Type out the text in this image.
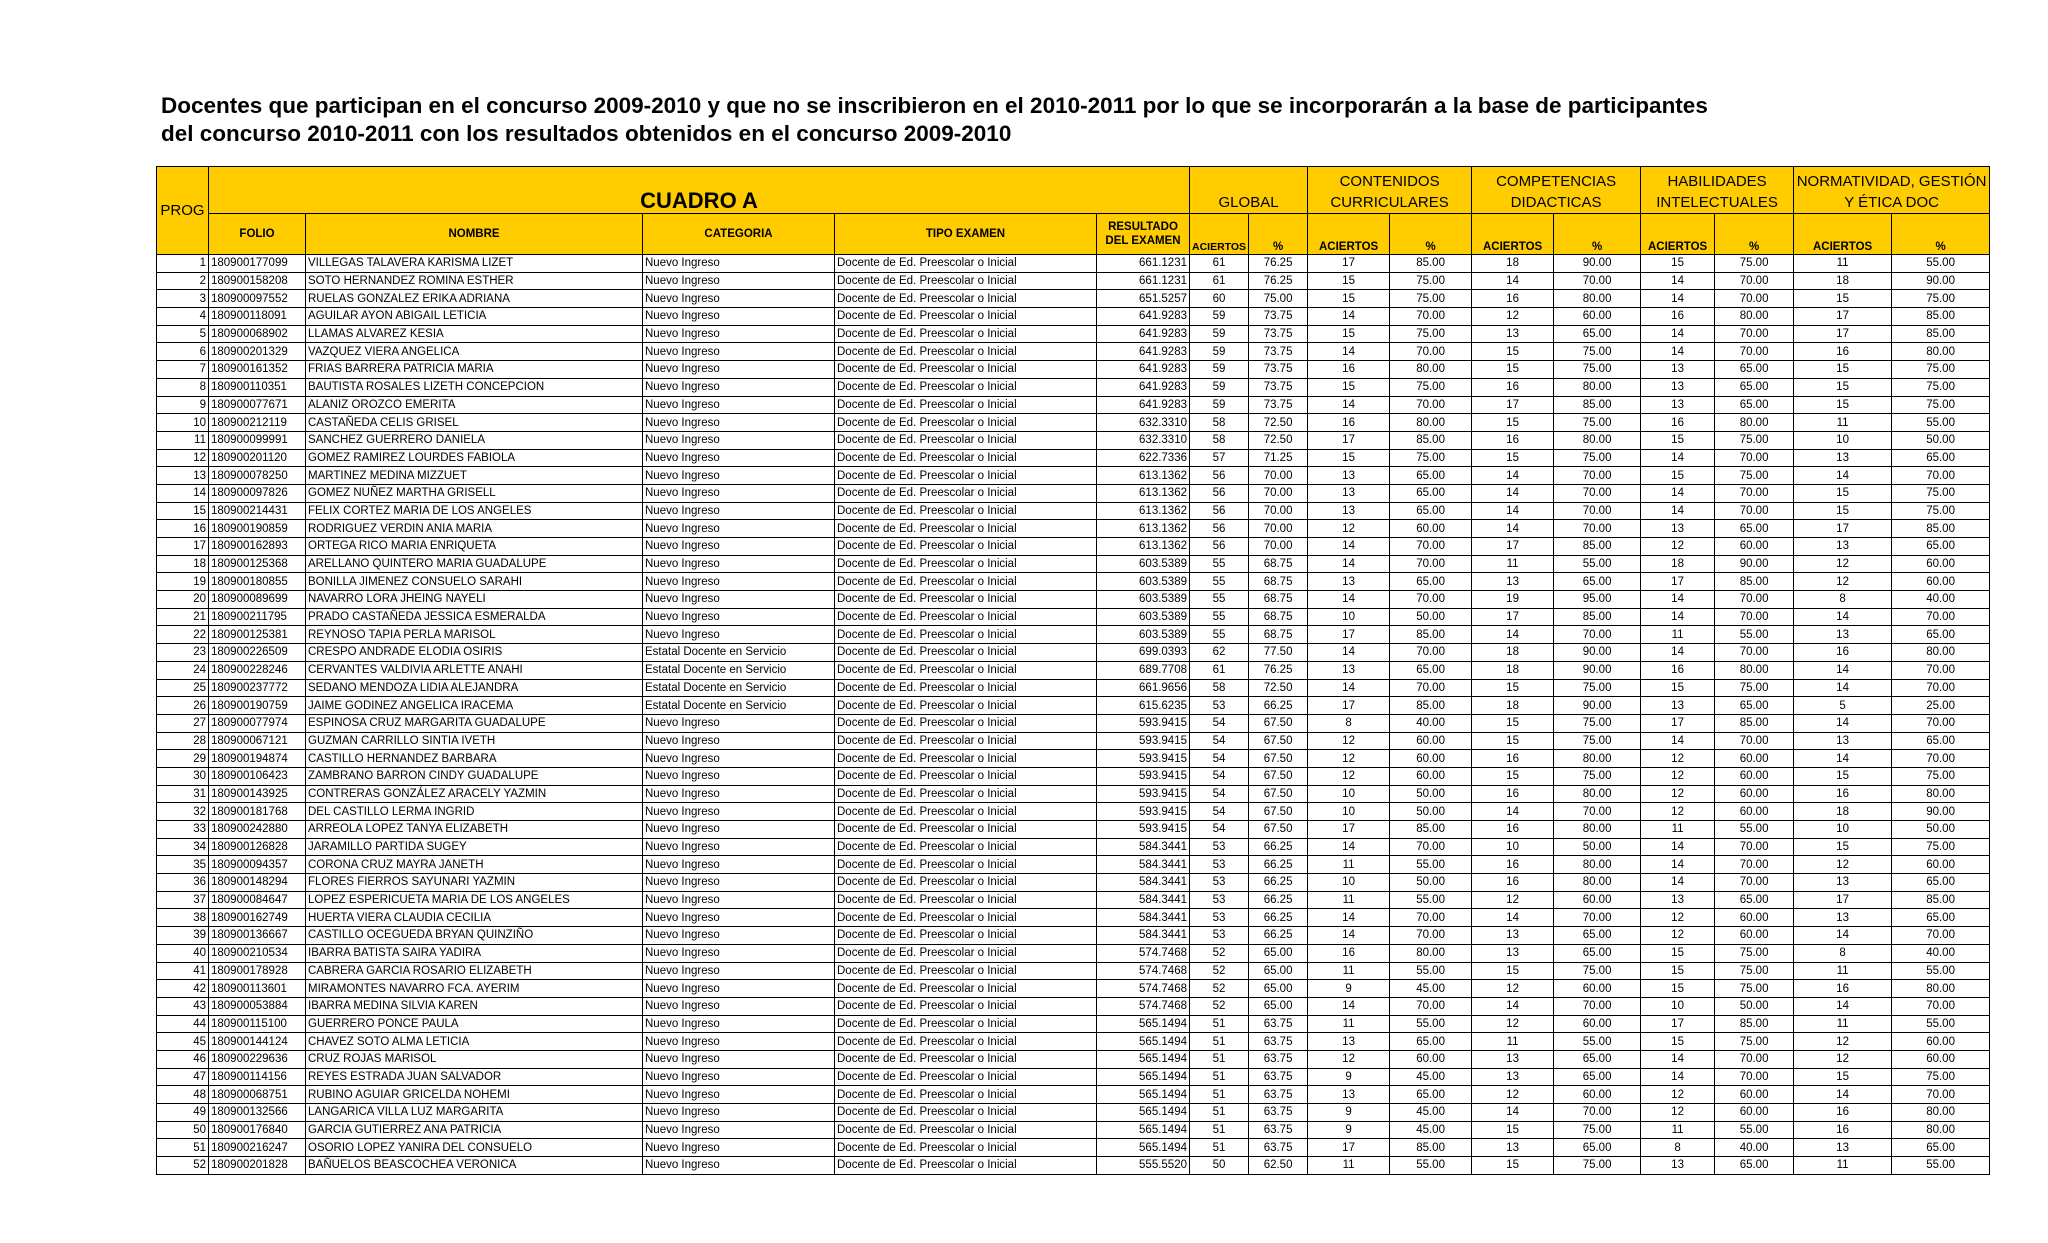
Docentes que participan en el concurso 2009-2010 y que no se inscribieron en el 2010-2011 por lo que se incorporarán a la base de participantes
del concurso 2010-2011 con los resultados obtenidos en el concurso 2009-2010
PROG	CUADRO A					GLOBAL		CONTENIDOS CURRICULARES		COMPETENCIAS DIDACTICAS		HABILIDADES INTELECTUALES		NORMATIVIDAD, GESTIÓN Y ÉTICA DOC	
	FOLIO	NOMBRE	CATEGORIA	TIPO EXAMEN	RESULTADO DEL EXAMEN	ACIERTOS	%	ACIERTOS	%	ACIERTOS	%	ACIERTOS	%	ACIERTOS	%
1	180900177099	VILLEGAS TALAVERA KARISMA LIZET	Nuevo Ingreso	Docente de Ed. Preescolar o Inicial	661.1231	61	76.25	17	85.00	18	90.00	15	75.00	11	55.00
2	180900158208	SOTO HERNANDEZ ROMINA ESTHER	Nuevo Ingreso	Docente de Ed. Preescolar o Inicial	661.1231	61	76.25	15	75.00	14	70.00	14	70.00	18	90.00
3	180900097552	RUELAS GONZALEZ ERIKA ADRIANA	Nuevo Ingreso	Docente de Ed. Preescolar o Inicial	651.5257	60	75.00	15	75.00	16	80.00	14	70.00	15	75.00
4	180900118091	AGUILAR AYON ABIGAIL LETICIA	Nuevo Ingreso	Docente de Ed. Preescolar o Inicial	641.9283	59	73.75	14	70.00	12	60.00	16	80.00	17	85.00
5	180900068902	LLAMAS ALVAREZ KESIA	Nuevo Ingreso	Docente de Ed. Preescolar o Inicial	641.9283	59	73.75	15	75.00	13	65.00	14	70.00	17	85.00
6	180900201329	VAZQUEZ VIERA ANGELICA	Nuevo Ingreso	Docente de Ed. Preescolar o Inicial	641.9283	59	73.75	14	70.00	15	75.00	14	70.00	16	80.00
7	180900161352	FRIAS BARRERA PATRICIA MARIA	Nuevo Ingreso	Docente de Ed. Preescolar o Inicial	641.9283	59	73.75	16	80.00	15	75.00	13	65.00	15	75.00
8	180900110351	BAUTISTA ROSALES LIZETH CONCEPCION	Nuevo Ingreso	Docente de Ed. Preescolar o Inicial	641.9283	59	73.75	15	75.00	16	80.00	13	65.00	15	75.00
9	180900077671	ALANIZ OROZCO EMERITA	Nuevo Ingreso	Docente de Ed. Preescolar o Inicial	641.9283	59	73.75	14	70.00	17	85.00	13	65.00	15	75.00
10	180900212119	CASTAÑEDA CELIS GRISEL	Nuevo Ingreso	Docente de Ed. Preescolar o Inicial	632.3310	58	72.50	16	80.00	15	75.00	16	80.00	11	55.00
11	180900099991	SANCHEZ GUERRERO DANIELA	Nuevo Ingreso	Docente de Ed. Preescolar o Inicial	632.3310	58	72.50	17	85.00	16	80.00	15	75.00	10	50.00
12	180900201120	GOMEZ RAMIREZ LOURDES FABIOLA	Nuevo Ingreso	Docente de Ed. Preescolar o Inicial	622.7336	57	71.25	15	75.00	15	75.00	14	70.00	13	65.00
13	180900078250	MARTINEZ MEDINA MIZZUET	Nuevo Ingreso	Docente de Ed. Preescolar o Inicial	613.1362	56	70.00	13	65.00	14	70.00	15	75.00	14	70.00
14	180900097826	GOMEZ NUÑEZ MARTHA GRISELL	Nuevo Ingreso	Docente de Ed. Preescolar o Inicial	613.1362	56	70.00	13	65.00	14	70.00	14	70.00	15	75.00
15	180900214431	FELIX CORTEZ MARIA DE LOS ANGELES	Nuevo Ingreso	Docente de Ed. Preescolar o Inicial	613.1362	56	70.00	13	65.00	14	70.00	14	70.00	15	75.00
16	180900190859	RODRIGUEZ VERDIN ANIA MARIA	Nuevo Ingreso	Docente de Ed. Preescolar o Inicial	613.1362	56	70.00	12	60.00	14	70.00	13	65.00	17	85.00
17	180900162893	ORTEGA RICO MARIA ENRIQUETA	Nuevo Ingreso	Docente de Ed. Preescolar o Inicial	613.1362	56	70.00	14	70.00	17	85.00	12	60.00	13	65.00
18	180900125368	ARELLANO QUINTERO MARIA GUADALUPE	Nuevo Ingreso	Docente de Ed. Preescolar o Inicial	603.5389	55	68.75	14	70.00	11	55.00	18	90.00	12	60.00
19	180900180855	BONILLA JIMENEZ CONSUELO SARAHI	Nuevo Ingreso	Docente de Ed. Preescolar o Inicial	603.5389	55	68.75	13	65.00	13	65.00	17	85.00	12	60.00
20	180900089699	NAVARRO LORA JHEING NAYELI	Nuevo Ingreso	Docente de Ed. Preescolar o Inicial	603.5389	55	68.75	14	70.00	19	95.00	14	70.00	8	40.00
21	180900211795	PRADO CASTAÑEDA JESSICA ESMERALDA	Nuevo Ingreso	Docente de Ed. Preescolar o Inicial	603.5389	55	68.75	10	50.00	17	85.00	14	70.00	14	70.00
22	180900125381	REYNOSO TAPIA PERLA MARISOL	Nuevo Ingreso	Docente de Ed. Preescolar o Inicial	603.5389	55	68.75	17	85.00	14	70.00	11	55.00	13	65.00
23	180900226509	CRESPO ANDRADE ELODIA OSIRIS	Estatal Docente en Servicio	Docente de Ed. Preescolar o Inicial	699.0393	62	77.50	14	70.00	18	90.00	14	70.00	16	80.00
24	180900228246	CERVANTES VALDIVIA ARLETTE ANAHI	Estatal Docente en Servicio	Docente de Ed. Preescolar o Inicial	689.7708	61	76.25	13	65.00	18	90.00	16	80.00	14	70.00
25	180900237772	SEDANO MENDOZA LIDIA ALEJANDRA	Estatal Docente en Servicio	Docente de Ed. Preescolar o Inicial	661.9656	58	72.50	14	70.00	15	75.00	15	75.00	14	70.00
26	180900190759	JAIME GODINEZ ANGELICA IRACEMA	Estatal Docente en Servicio	Docente de Ed. Preescolar o Inicial	615.6235	53	66.25	17	85.00	18	90.00	13	65.00	5	25.00
27	180900077974	ESPINOSA CRUZ MARGARITA GUADALUPE	Nuevo Ingreso	Docente de Ed. Preescolar o Inicial	593.9415	54	67.50	8	40.00	15	75.00	17	85.00	14	70.00
28	180900067121	GUZMAN CARRILLO SINTIA IVETH	Nuevo Ingreso	Docente de Ed. Preescolar o Inicial	593.9415	54	67.50	12	60.00	15	75.00	14	70.00	13	65.00
29	180900194874	CASTILLO HERNANDEZ BARBARA	Nuevo Ingreso	Docente de Ed. Preescolar o Inicial	593.9415	54	67.50	12	60.00	16	80.00	12	60.00	14	70.00
30	180900106423	ZAMBRANO BARRON CINDY GUADALUPE	Nuevo Ingreso	Docente de Ed. Preescolar o Inicial	593.9415	54	67.50	12	60.00	15	75.00	12	60.00	15	75.00
31	180900143925	CONTRERAS GONZÁLEZ ARACELY YAZMIN	Nuevo Ingreso	Docente de Ed. Preescolar o Inicial	593.9415	54	67.50	10	50.00	16	80.00	12	60.00	16	80.00
32	180900181768	DEL CASTILLO LERMA INGRID	Nuevo Ingreso	Docente de Ed. Preescolar o Inicial	593.9415	54	67.50	10	50.00	14	70.00	12	60.00	18	90.00
33	180900242880	ARREOLA LOPEZ TANYA ELIZABETH	Nuevo Ingreso	Docente de Ed. Preescolar o Inicial	593.9415	54	67.50	17	85.00	16	80.00	11	55.00	10	50.00
34	180900126828	JARAMILLO PARTIDA SUGEY	Nuevo Ingreso	Docente de Ed. Preescolar o Inicial	584.3441	53	66.25	14	70.00	10	50.00	14	70.00	15	75.00
35	180900094357	CORONA CRUZ MAYRA JANETH	Nuevo Ingreso	Docente de Ed. Preescolar o Inicial	584.3441	53	66.25	11	55.00	16	80.00	14	70.00	12	60.00
36	180900148294	FLORES FIERROS SAYUNARI YAZMIN	Nuevo Ingreso	Docente de Ed. Preescolar o Inicial	584.3441	53	66.25	10	50.00	16	80.00	14	70.00	13	65.00
37	180900084647	LOPEZ ESPERICUETA MARIA DE LOS ANGELES	Nuevo Ingreso	Docente de Ed. Preescolar o Inicial	584.3441	53	66.25	11	55.00	12	60.00	13	65.00	17	85.00
38	180900162749	HUERTA VIERA CLAUDIA CECILIA	Nuevo Ingreso	Docente de Ed. Preescolar o Inicial	584.3441	53	66.25	14	70.00	14	70.00	12	60.00	13	65.00
39	180900136667	CASTILLO OCEGUEDA BRYAN QUINZIÑO	Nuevo Ingreso	Docente de Ed. Preescolar o Inicial	584.3441	53	66.25	14	70.00	13	65.00	12	60.00	14	70.00
40	180900210534	IBARRA BATISTA SAIRA YADIRA	Nuevo Ingreso	Docente de Ed. Preescolar o Inicial	574.7468	52	65.00	16	80.00	13	65.00	15	75.00	8	40.00
41	180900178928	CABRERA GARCIA ROSARIO ELIZABETH	Nuevo Ingreso	Docente de Ed. Preescolar o Inicial	574.7468	52	65.00	11	55.00	15	75.00	15	75.00	11	55.00
42	180900113601	MIRAMONTES NAVARRO FCA. AYERIM	Nuevo Ingreso	Docente de Ed. Preescolar o Inicial	574.7468	52	65.00	9	45.00	12	60.00	15	75.00	16	80.00
43	180900053884	IBARRA MEDINA SILVIA KAREN	Nuevo Ingreso	Docente de Ed. Preescolar o Inicial	574.7468	52	65.00	14	70.00	14	70.00	10	50.00	14	70.00
44	180900115100	GUERRERO PONCE PAULA	Nuevo Ingreso	Docente de Ed. Preescolar o Inicial	565.1494	51	63.75	11	55.00	12	60.00	17	85.00	11	55.00
45	180900144124	CHAVEZ SOTO ALMA LETICIA	Nuevo Ingreso	Docente de Ed. Preescolar o Inicial	565.1494	51	63.75	13	65.00	11	55.00	15	75.00	12	60.00
46	180900229636	CRUZ ROJAS MARISOL	Nuevo Ingreso	Docente de Ed. Preescolar o Inicial	565.1494	51	63.75	12	60.00	13	65.00	14	70.00	12	60.00
47	180900114156	REYES ESTRADA JUAN SALVADOR	Nuevo Ingreso	Docente de Ed. Preescolar o Inicial	565.1494	51	63.75	9	45.00	13	65.00	14	70.00	15	75.00
48	180900068751	RUBINO AGUIAR GRICELDA NOHEMI	Nuevo Ingreso	Docente de Ed. Preescolar o Inicial	565.1494	51	63.75	13	65.00	12	60.00	12	60.00	14	70.00
49	180900132566	LANGARICA VILLA LUZ MARGARITA	Nuevo Ingreso	Docente de Ed. Preescolar o Inicial	565.1494	51	63.75	9	45.00	14	70.00	12	60.00	16	80.00
50	180900176840	GARCIA GUTIERREZ ANA PATRICIA	Nuevo Ingreso	Docente de Ed. Preescolar o Inicial	565.1494	51	63.75	9	45.00	15	75.00	11	55.00	16	80.00
51	180900216247	OSORIO LOPEZ YANIRA DEL CONSUELO	Nuevo Ingreso	Docente de Ed. Preescolar o Inicial	565.1494	51	63.75	17	85.00	13	65.00	8	40.00	13	65.00
52	180900201828	BAÑUELOS BEASCOCHEA VERONICA	Nuevo Ingreso	Docente de Ed. Preescolar o Inicial	555.5520	50	62.50	11	55.00	15	75.00	13	65.00	11	55.00
